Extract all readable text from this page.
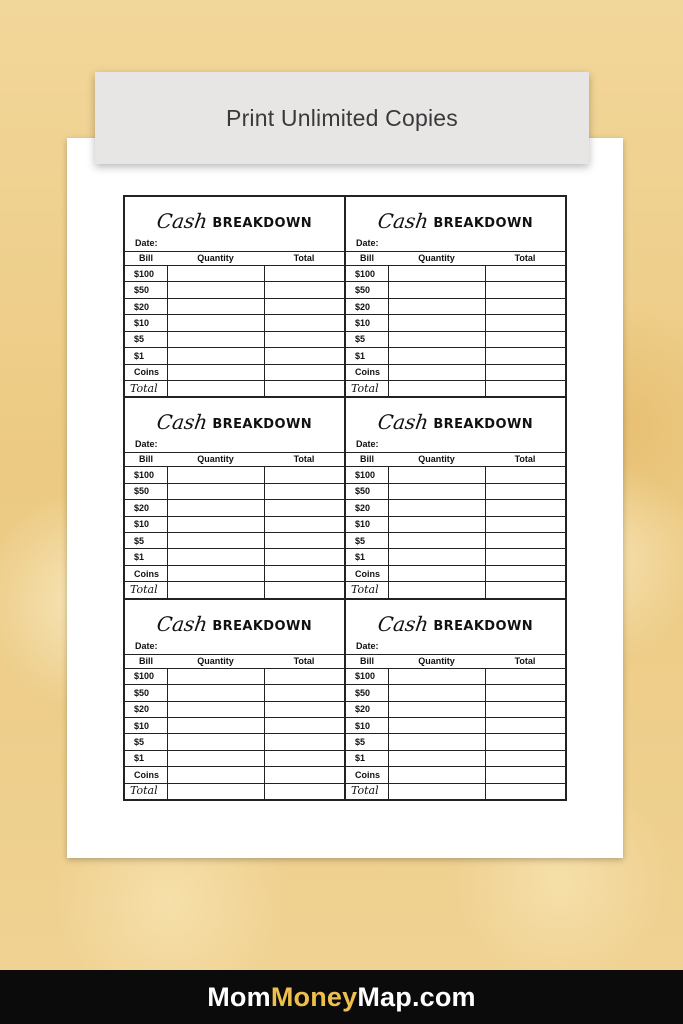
Print Unlimited Copies
Cash BREAKDOWN
Date:
Bill	Quantity	Total
$100		
$50		
$20		
$10		
$5		
$1		
Coins		
Total		
Cash BREAKDOWN
Date:
Bill	Quantity	Total
$100		
$50		
$20		
$10		
$5		
$1		
Coins		
Total		
Cash BREAKDOWN
Date:
Bill	Quantity	Total
$100		
$50		
$20		
$10		
$5		
$1		
Coins		
Total		
Cash BREAKDOWN
Date:
Bill	Quantity	Total
$100		
$50		
$20		
$10		
$5		
$1		
Coins		
Total		
Cash BREAKDOWN
Date:
Bill	Quantity	Total
$100		
$50		
$20		
$10		
$5		
$1		
Coins		
Total		
Cash BREAKDOWN
Date:
Bill	Quantity	Total
$100		
$50		
$20		
$10		
$5		
$1		
Coins		
Total		
Mom Money Map.com
